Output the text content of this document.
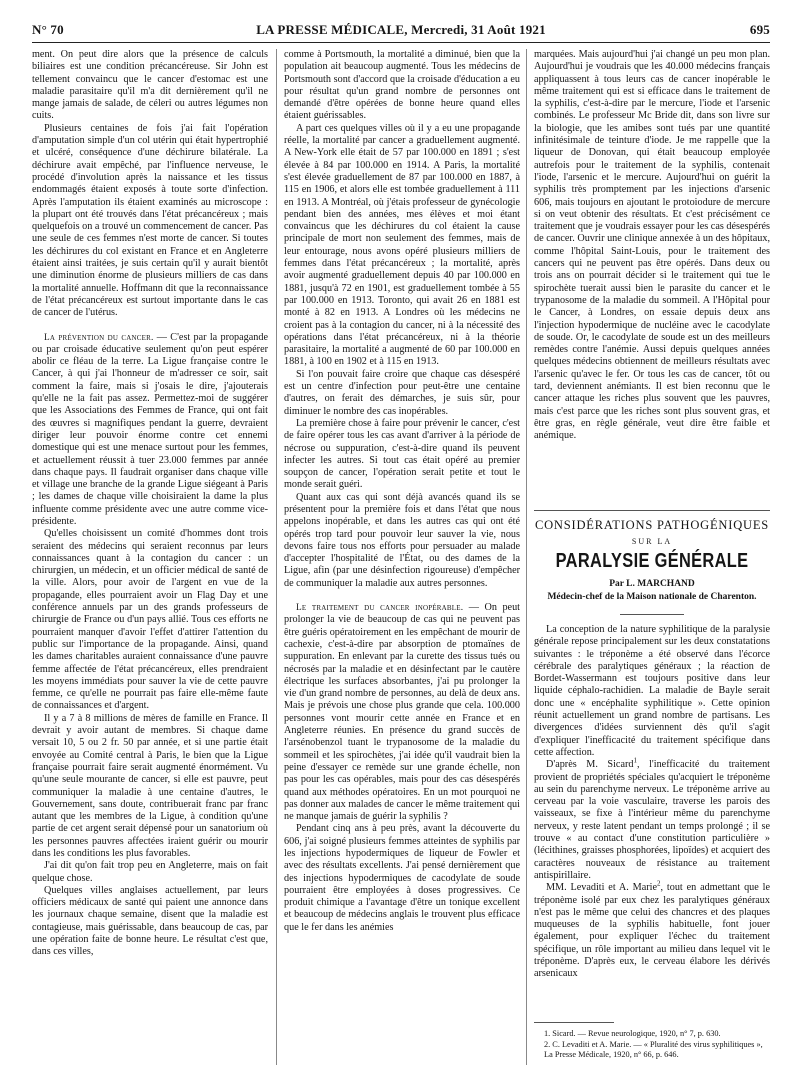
N° 70	LA PRESSE MÉDICALE, Mercredi, 31 Août 1921	695

ment. On peut dire alors que la présence de calculs biliaires est une condition précancéreuse. Sir John est tellement convaincu que le cancer d'estomac est une maladie parasitaire qu'il m'a dit dernièrement qu'il ne mange jamais de salade, de céleri ou autres légumes non cuits.

Plusieurs centaines de fois j'ai fait l'opération d'amputation simple d'un col utérin qui était hypertrophié et ulcéré, conséquence d'une déchirure bilatérale. La déchirure avait empêché, par l'influence nerveuse, le procédé d'involution après la naissance et les tissus endommagés étaient exposés à toute sorte d'infection. Après l'amputation ils étaient examinés au microscope : la plupart ont été trouvés dans l'état précancéreux ; mais quelquefois on a trouvé un commencement de cancer. Pas une seule de ces femmes n'est morte de cancer. Si toutes les déchirures du col existant en France et en Angleterre étaient ainsi traitées, je suis certain qu'il y aurait bientôt une diminution énorme de plusieurs milliers de cas dans la mortalité annuelle. Hoffmann dit que la reconnaissance de l'état précancéreux est surtout importante dans le cas de cancer de l'utérus.

La prévention du cancer. — C'est par la propagande ou par croisade éducative seulement qu'on peut espérer abolir ce fléau de la terre. La Ligue française contre le Cancer, à qui j'ai l'honneur de m'adresser ce soir, sait comment la faire, mais si j'osais le dire, j'ajouterais qu'elle ne la fait pas assez. Permettez-moi de suggérer que les Associations des Femmes de France, qui ont fait des œuvres si magnifiques pendant la guerre, devraient diriger leur pouvoir énorme contre cet ennemi domestique qui est une menace surtout pour les femmes, et actuellement réussit à tuer 23.000 femmes par année dans chaque pays. Il faudrait organiser dans chaque ville et village une branche de la grande Ligue siégeant à Paris ; les dames de chaque ville choisiraient la dame la plus influente comme présidente avec une autre comme vice-présidente.

Qu'elles choisissent un comité d'hommes dont trois seraient des médecins qui seraient reconnus par leurs connaissances quant à la contagion du cancer : un chirurgien, un médecin, et un officier médical de santé de la ville. Alors, pour avoir de l'argent en vue de la propagande, elles pourraient avoir un Flag Day et une conférence annuels par un des grands professeurs de chirurgie de France ou d'un pays allié. Tous ces efforts ne pourraient manquer d'avoir l'effet d'attirer l'attention du public sur l'importance de la propagande. Ainsi, quand les dames charitables auraient connaissance d'une pauvre femme affectée de l'état précancéreux, elles prendraient les moyens immédiats pour sauver la vie de cette pauvre femme, ce qu'elle ne pourrait pas faire elle-même faute de connaissances et d'argent.

Il y a 7 à 8 millions de mères de famille en France. Il devrait y avoir autant de membres. Si chaque dame versait 10, 5 ou 2 fr. 50 par année, et si une partie était envoyée au Comité central à Paris, le bien que la Ligue française pourrait faire serait augmenté énormément. Vu qu'une seule mourante de cancer, si elle est pauvre, peut communiquer la maladie à une centaine d'autres, le Gouvernement, sans doute, contribuerait franc par franc autant que les membres de la Ligue, à condition qu'une partie de cet argent serait dépensé pour un sanatorium où les personnes pauvres affectées iraient guérir ou mourir dans les conditions les plus favorables.

J'ai dit qu'on fait trop peu en Angleterre, mais on fait quelque chose.

Quelques villes anglaises actuellement, par leurs officiers médicaux de santé qui paient une annonce dans les journaux chaque semaine, disent que la maladie est contagieuse, mais guérissable, dans beaucoup de cas, par une opération faite de bonne heure. Le résultat c'est que, dans ces villes,

comme à Portsmouth, la mortalité a diminué, bien que la population ait beaucoup augmenté. Tous les médecins de Portsmouth sont d'accord que la croisade d'éducation a eu pour résultat qu'un grand nombre de personnes ont demandé d'être opérées de bonne heure quand elles étaient guérissables.

A part ces quelques villes où il y a eu une propagande réelle, la mortalité par cancer a graduellement augmenté. A New-York elle était de 57 par 100.000 en 1891 ; s'est élevée à 84 par 100.000 en 1914. A Paris, la mortalité s'est élevée graduellement de 87 par 100.000 en 1887, à 115 en 1906, et alors elle est tombée graduellement à 111 en 1913. A Montréal, où j'étais professeur de gynécologie pendant bien des années, mes élèves et moi étant convaincus que les déchirures du col étaient la cause principale de mort non seulement des femmes, mais de leur entourage, nous avons opéré plusieurs milliers de femmes dans l'état précancéreux ; la mortalité, après avoir augmenté graduellement depuis 40 par 100.000 en 1881, jusqu'à 72 en 1901, est graduellement tombée à 55 par 100.000 en 1913. Toronto, qui avait 26 en 1881 est monté à 82 en 1913. A Londres où les médecins ne croient pas à la contagion du cancer, ni à la nécessité des opérations dans l'état précancéreux, ni à la théorie parasitaire, la mortalité a augmenté de 60 par 100.000 en 1881, à 100 en 1902 et à 115 en 1913.

Si l'on pouvait faire croire que chaque cas désespéré est un centre d'infection pour peut-être une centaine d'autres, on ferait des démarches, je suis sûr, pour diminuer le nombre des cas inopérables.

La première chose à faire pour prévenir le cancer, c'est de faire opérer tous les cas avant d'arriver à la période de nécrose ou suppuration, c'est-à-dire quand ils peuvent infecter les autres. Si tout cas était opéré au premier soupçon de cancer, l'opération serait petite et tout le monde serait guéri.

Quant aux cas qui sont déjà avancés quand ils se présentent pour la première fois et dans l'état que nous appelons inopérable, et dans les autres cas qui ont été opérés trop tard pour pouvoir leur sauver la vie, nous devons faire tous nos efforts pour persuader au malade d'accepter l'hospitalité de l'État, ou des dames de la Ligue, afin (par une désinfection rigoureuse) d'empêcher de communiquer la maladie aux autres personnes.

Le traitement du cancer inopérable. — On peut prolonger la vie de beaucoup de cas qui ne peuvent pas être guéris opératoirement en les empêchant de mourir de cachexie, c'est-à-dire par absorption de ptomaïnes de suppuration. En enlevant par la curette des tissus tués ou nécrosés par la maladie et en désinfectant par le cautère électrique les surfaces absorbantes, j'ai pu prolonger la vie d'un grand nombre de personnes, au delà de deux ans. Mais je prévois une chose plus grande que cela. 100.000 personnes vont mourir cette année en France et en Angleterre réunies. En présence du grand succès de l'arsénobenzol tuant le trypanosome de la maladie du sommeil et les spirochètes, j'ai idée qu'il vaudrait bien la peine d'essayer ce remède sur une grande échelle, non pas pour les cas opérables, mais pour des cas désespérés quand aux méthodes opératoires. En un mot pourquoi ne pas donner aux malades de cancer le même traitement qui ne manque jamais de guérir la syphilis ?

Pendant cinq ans à peu près, avant la découverte du 606, j'ai soigné plusieurs femmes atteintes de syphilis par les injections hypodermiques de liqueur de Fowler et avec des résultats excellents. J'ai pensé dernièrement que des injections hypodermiques de cacodylate de soude pourraient être employées à doses progressives. Ce produit chimique a l'avantage d'être un tonique excellent et beaucoup de médecins anglais le trouvent plus efficace que le fer dans les anémies

marquées. Mais aujourd'hui j'ai changé un peu mon plan. Aujourd'hui je voudrais que les 40.000 médecins français appliquassent à tous leurs cas de cancer inopérable le même traitement qui est si efficace dans le traitement de la syphilis, c'est-à-dire par le mercure, l'iode et l'arsenic combinés. Le professeur Mc Bride dit, dans son livre sur la biologie, que les amibes sont tués par une quantité infinitésimale de teinture d'iode. Je me rappelle que la liqueur de Donovan, qui était beaucoup employée autrefois pour le traitement de la syphilis, contenait l'iode, l'arsenic et le mercure. Aujourd'hui on guérit la syphilis très promptement par les injections d'arsenic 606, mais toujours en ajoutant le protoiodure de mercure si on veut obtenir des résultats. Et c'est précisément ce traitement que je voudrais essayer pour les cas désespérés de cancer. Ouvrir une clinique annexée à un des hôpitaux, comme l'hôpital Saint-Louis, pour le traitement des cancers qui ne peuvent pas être opérés. Dans deux ou trois ans on pourrait décider si le traitement qui tue le spirochète tuerait aussi bien le parasite du cancer et le trypanosome de la maladie du sommeil. A l'Hôpital pour le Cancer, à Londres, on essaie depuis deux ans l'injection hypodermique de nucléine avec le cacodylate de soude. Or, le cacodylate de soude est un des meilleurs remèdes contre l'anémie. Aussi depuis quelques années quelques médecins obtiennent de meilleurs résultats avec l'arsenic qu'avec le fer. Or tous les cas de cancer, tôt ou tard, deviennent anémiants. Il est bien reconnu que le cancer attaque les riches plus souvent que les pauvres, mais c'est parce que les riches sont plus souvent gras, et être gras, en règle générale, veut dire être faible et anémique.

CONSIDÉRATIONS PATHOGÉNIQUES
SUR LA
PARALYSIE GÉNÉRALE
Par L. MARCHAND
Médecin-chef de la Maison nationale de Charenton.

La conception de la nature syphilitique de la paralysie générale repose principalement sur les deux constatations suivantes : le tréponème a été observé dans l'écorce cérébrale des paralytiques généraux ; la réaction de Bordet-Wassermann est toujours positive dans leur liquide céphalo-rachidien. La maladie de Bayle serait donc une « encéphalite syphilitique ». Cette opinion réunit actuellement un grand nombre de partisans. Les divergences d'idées surviennent dès qu'il s'agit d'expliquer l'inefficacité du traitement spécifique dans cette affection.

D'après M. Sicard$^1$, l'inefficacité du traitement provient de propriétés spéciales qu'acquiert le tréponème au sein du parenchyme nerveux. Le tréponème arrive au cerveau par la voie vasculaire, traverse les parois des vaisseaux, se fixe à l'intérieur même du parenchyme nerveux, y reste latent pendant un temps prolongé ; il se trouve « au contact d'une constitution particulière » (lécithines, graisses phosphorées, lipoïdes) et acquiert des caractères nouveaux de résistance au traitement antispirillaire.

MM. Levaditi et A. Marie$^2$, tout en admettant que le tréponème isolé par eux chez les paralytiques généraux n'est pas le même que celui des chancres et des plaques muqueuses de la syphilis habituelle, font jouer également, pour expliquer l'échec du traitement spécifique, un rôle important au milieu dans lequel vit le tréponème. D'après eux, le cerveau élabore les dérivés arsenicaux

1. Sicard. — Revue neurologique, 1920, n° 7, p. 630.

2. C. Levaditi et A. Marie. — « Pluralité des virus syphilitiques », La Presse Médicale, 1920, n° 66, p. 646.
